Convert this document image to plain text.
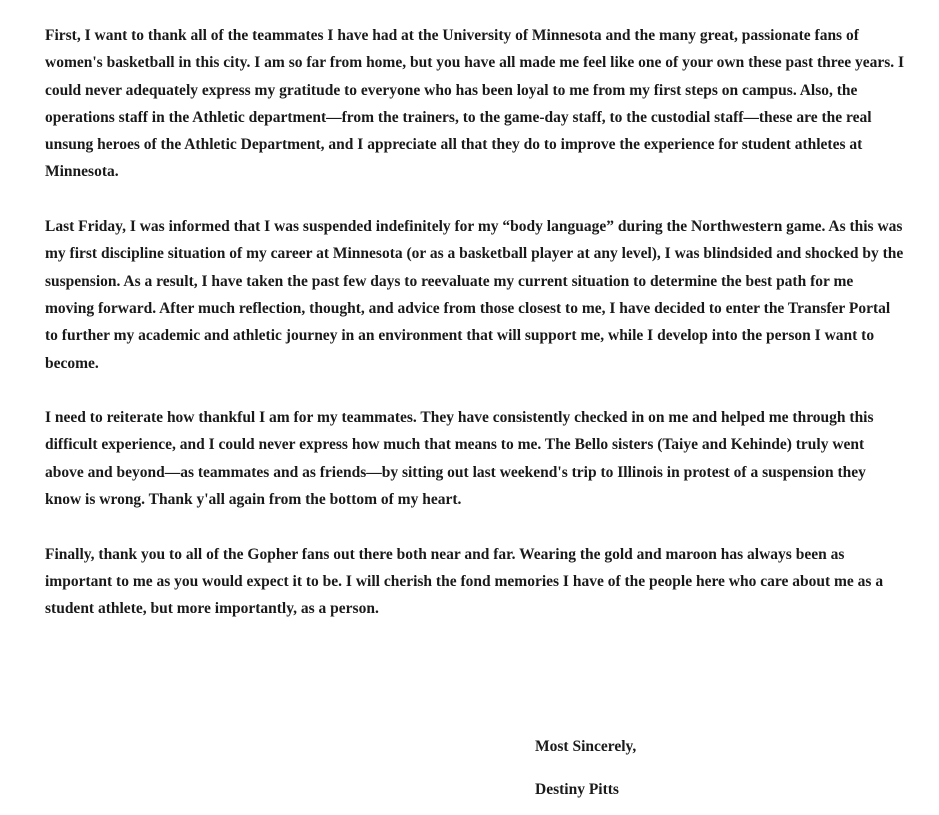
First, I want to thank all of the teammates I have had at the University of Minnesota and the many great, passionate fans of women's basketball in this city. I am so far from home, but you have all made me feel like one of your own these past three years. I could never adequately express my gratitude to everyone who has been loyal to me from my first steps on campus. Also, the operations staff in the Athletic department—from the trainers, to the game-day staff, to the custodial staff—these are the real unsung heroes of the Athletic Department, and I appreciate all that they do to improve the experience for student athletes at Minnesota.

Last Friday, I was informed that I was suspended indefinitely for my “body language” during the Northwestern game. As this was my first discipline situation of my career at Minnesota (or as a basketball player at any level), I was blindsided and shocked by the suspension. As a result, I have taken the past few days to reevaluate my current situation to determine the best path for me moving forward. After much reflection, thought, and advice from those closest to me, I have decided to enter the Transfer Portal to further my academic and athletic journey in an environment that will support me, while I develop into the person I want to become.

I need to reiterate how thankful I am for my teammates. They have consistently checked in on me and helped me through this difficult experience, and I could never express how much that means to me. The Bello sisters (Taiye and Kehinde) truly went above and beyond—as teammates and as friends—by sitting out last weekend's trip to Illinois in protest of a suspension they know is wrong. Thank y'all again from the bottom of my heart.

Finally, thank you to all of the Gopher fans out there both near and far. Wearing the gold and maroon has always been as important to me as you would expect it to be. I will cherish the fond memories I have of the people here who care about me as a student athlete, but more importantly, as a person.

Most Sincerely,
Destiny Pitts
